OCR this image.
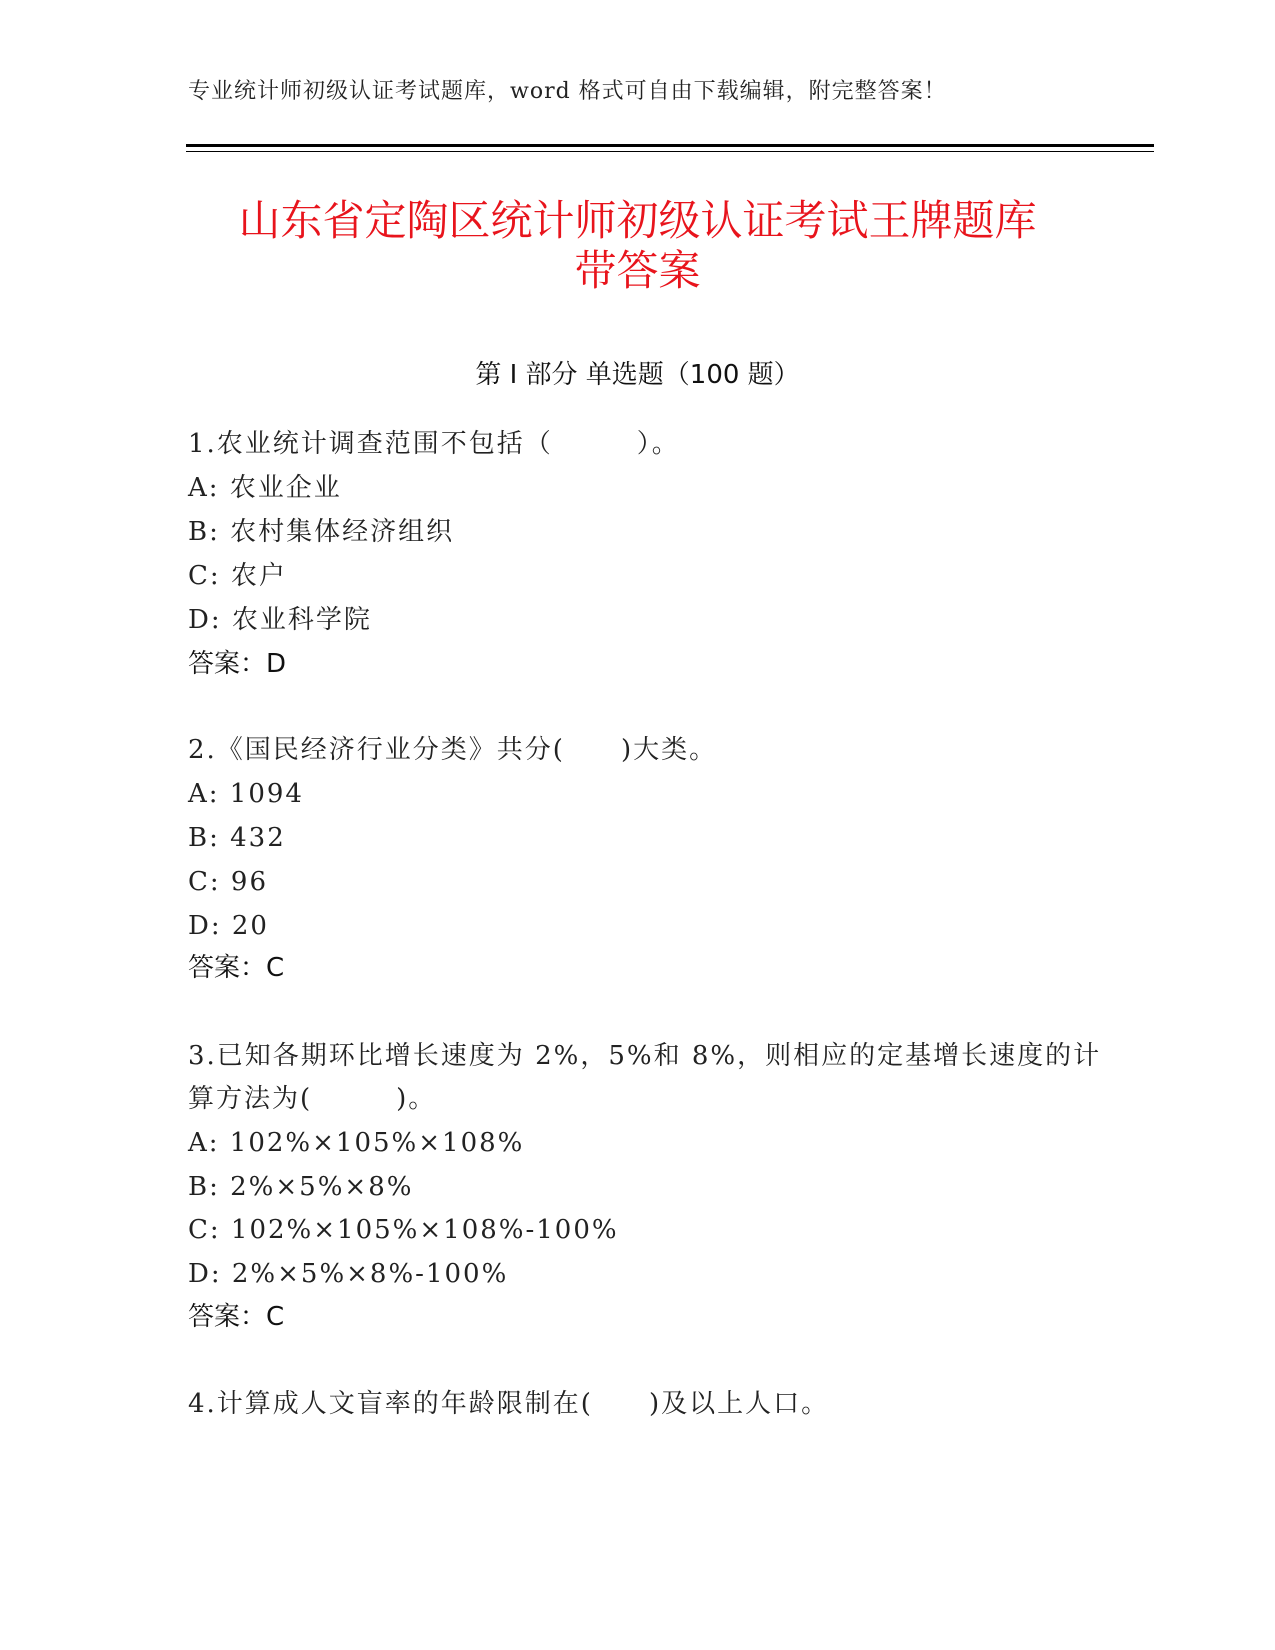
专业统计师初级认证考试题库，word 格式可自由下载编辑，附完整答案！
山东省定陶区统计师初级认证考试王牌题库
带答案
第 I 部分 单选题（100 题）
1.农业统计调查范围不包括（　　　）。
A: 农业企业
B: 农村集体经济组织
C: 农户
D: 农业科学院
答案：D
2.《国民经济行业分类》共分(　　)大类。
A: 1094
B: 432
C: 96
D: 20
答案：C
3.已知各期环比增长速度为 2%，5%和 8%，则相应的定基增长速度的计
算方法为(　　　)。
A: 102%×105%×108%
B: 2%×5%×8%
C: 102%×105%×108%-100%
D: 2%×5%×8%-100%
答案：C
4.计算成人文盲率的年龄限制在(　　)及以上人口。
